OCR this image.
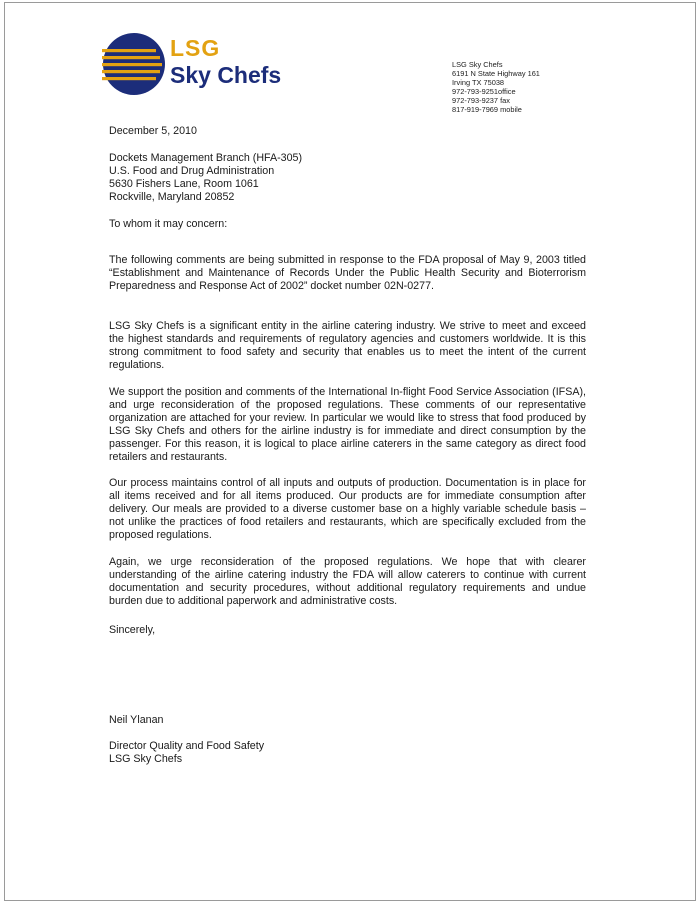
LSG
Sky Chefs	LSG Sky Chefs
6191 N State Highway 161
Irving TX 75038
972-793-9251office
972-793-9237 fax
817-919-7969 mobile
December 5, 2010
Dockets Management Branch (HFA-305)
U.S. Food and Drug Administration
5630 Fishers Lane, Room 1061
Rockville, Maryland 20852
To whom it may concern:

The following comments are being submitted in response to the FDA proposal of May 9, 2003 titled “Establishment and Maintenance of Records Under the Public Health Security and Bioterrorism Preparedness and Response Act of 2002” docket number 02N-0277.

LSG Sky Chefs is a significant entity in the airline catering industry. We strive to meet and exceed the highest standards and requirements of regulatory agencies and customers worldwide. It is this strong commitment to food safety and security that enables us to meet the intent of the current regulations.

We support the position and comments of the International In-flight Food Service Association (IFSA), and urge reconsideration of the proposed regulations. These comments of our representative organization are attached for your review. In particular we would like to stress that food produced by LSG Sky Chefs and others for the airline industry is for immediate and direct consumption by the passenger. For this reason, it is logical to place airline caterers in the same category as direct food retailers and restaurants.

Our process maintains control of all inputs and outputs of production. Documentation is in place for all items received and for all items produced. Our products are for immediate consumption after delivery. Our meals are provided to a diverse customer base on a highly variable schedule basis – not unlike the practices of food retailers and restaurants, which are specifically excluded from the proposed regulations.

Again, we urge reconsideration of the proposed regulations. We hope that with clearer understanding of the airline catering industry the FDA will allow caterers to continue with current documentation and security procedures, without additional regulatory requirements and undue burden due to additional paperwork and administrative costs.

Sincerely,
Neil Ylanan
Director Quality and Food Safety
LSG Sky Chefs
